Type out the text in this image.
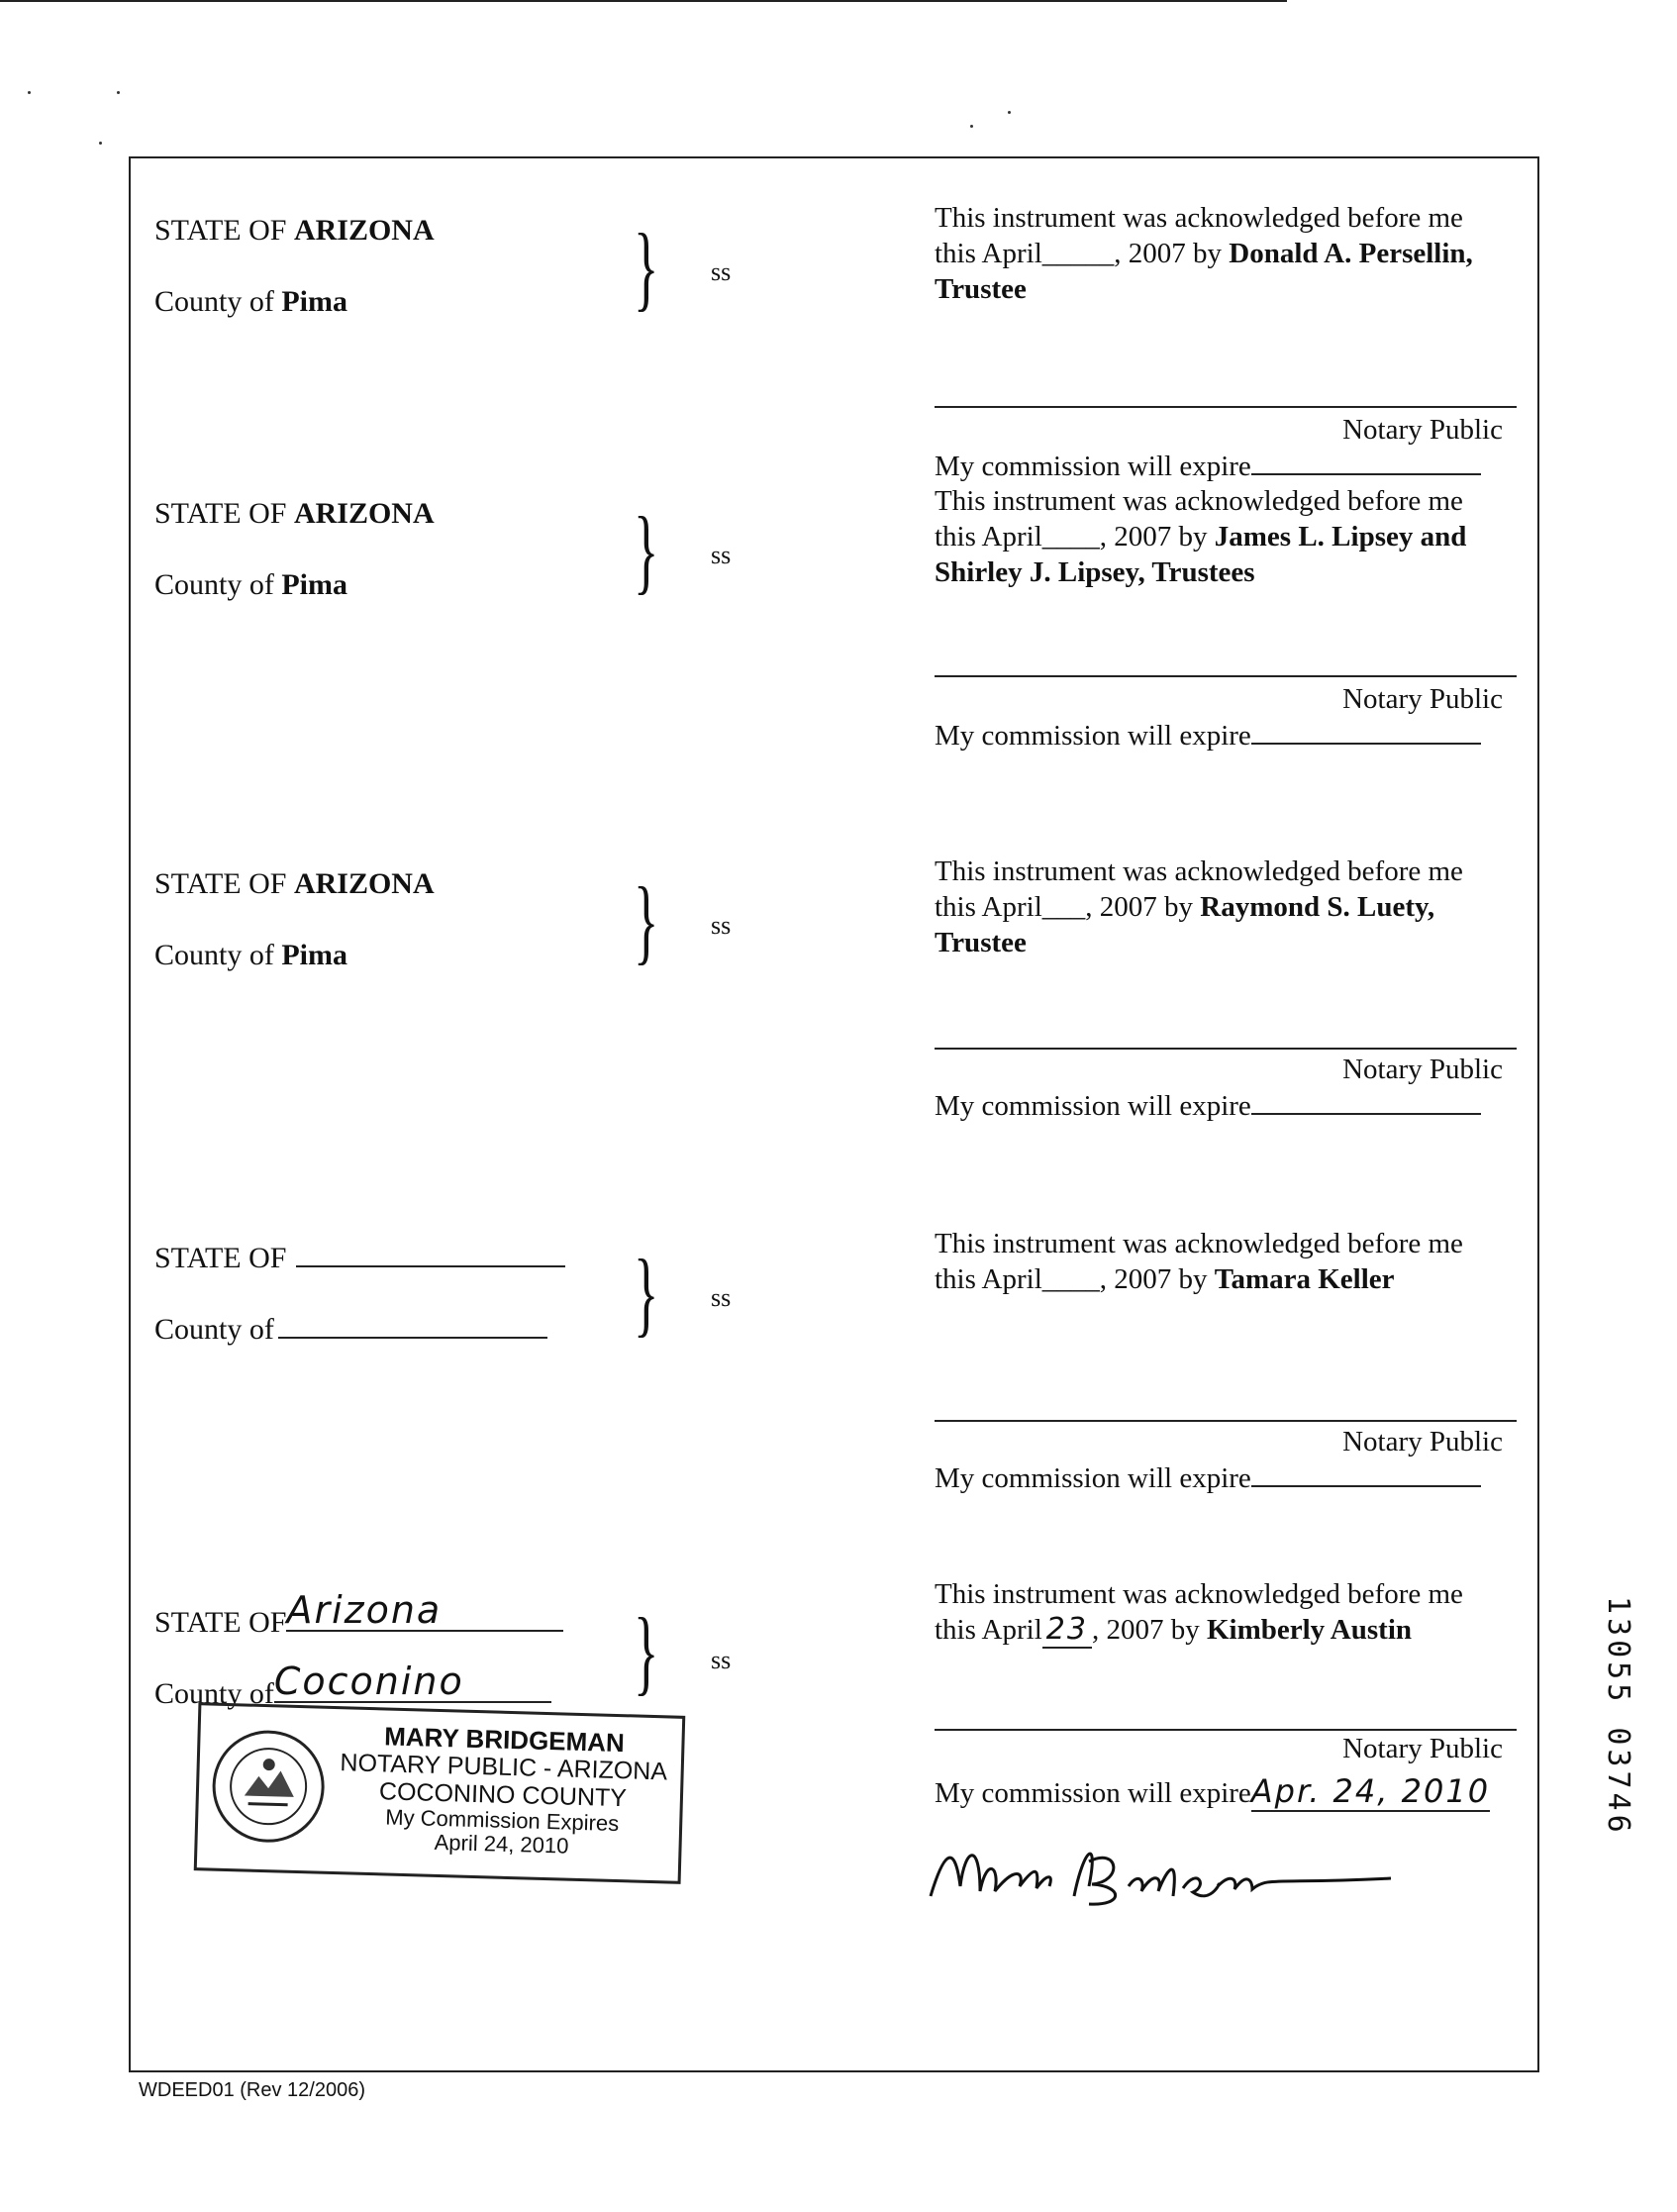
STATE OF ARIZONA
County of Pima	} ss
This instrument was acknowledged before me
this April_____, 2007 by Donald A. Persellin,
Trustee
Notary Public
My commission will expire
STATE OF ARIZONA
County of Pima	} ss
This instrument was acknowledged before me
this April____, 2007 by James L. Lipsey and
Shirley J. Lipsey, Trustees
Notary Public
My commission will expire
STATE OF ARIZONA
County of Pima	} ss
This instrument was acknowledged before me
this April___, 2007 by Raymond S. Luety,
Trustee
Notary Public
My commission will expire
STATE OF
County of	} ss
This instrument was acknowledged before me
this April____, 2007 by Tamara Keller
Notary Public
My commission will expire
STATE OF Arizona
County of Coconino } ss
This instrument was acknowledged before me
this April 23 , 2007 by Kimberly Austin
Notary Public
My commission will expireApr. 24, 2010
MARY BRIDGEMAN
NOTARY PUBLIC - ARIZONA
COCONINO COUNTY
My Commission Expires
April 24, 2010
WDEED01 (Rev 12/2006)
13055 03746
